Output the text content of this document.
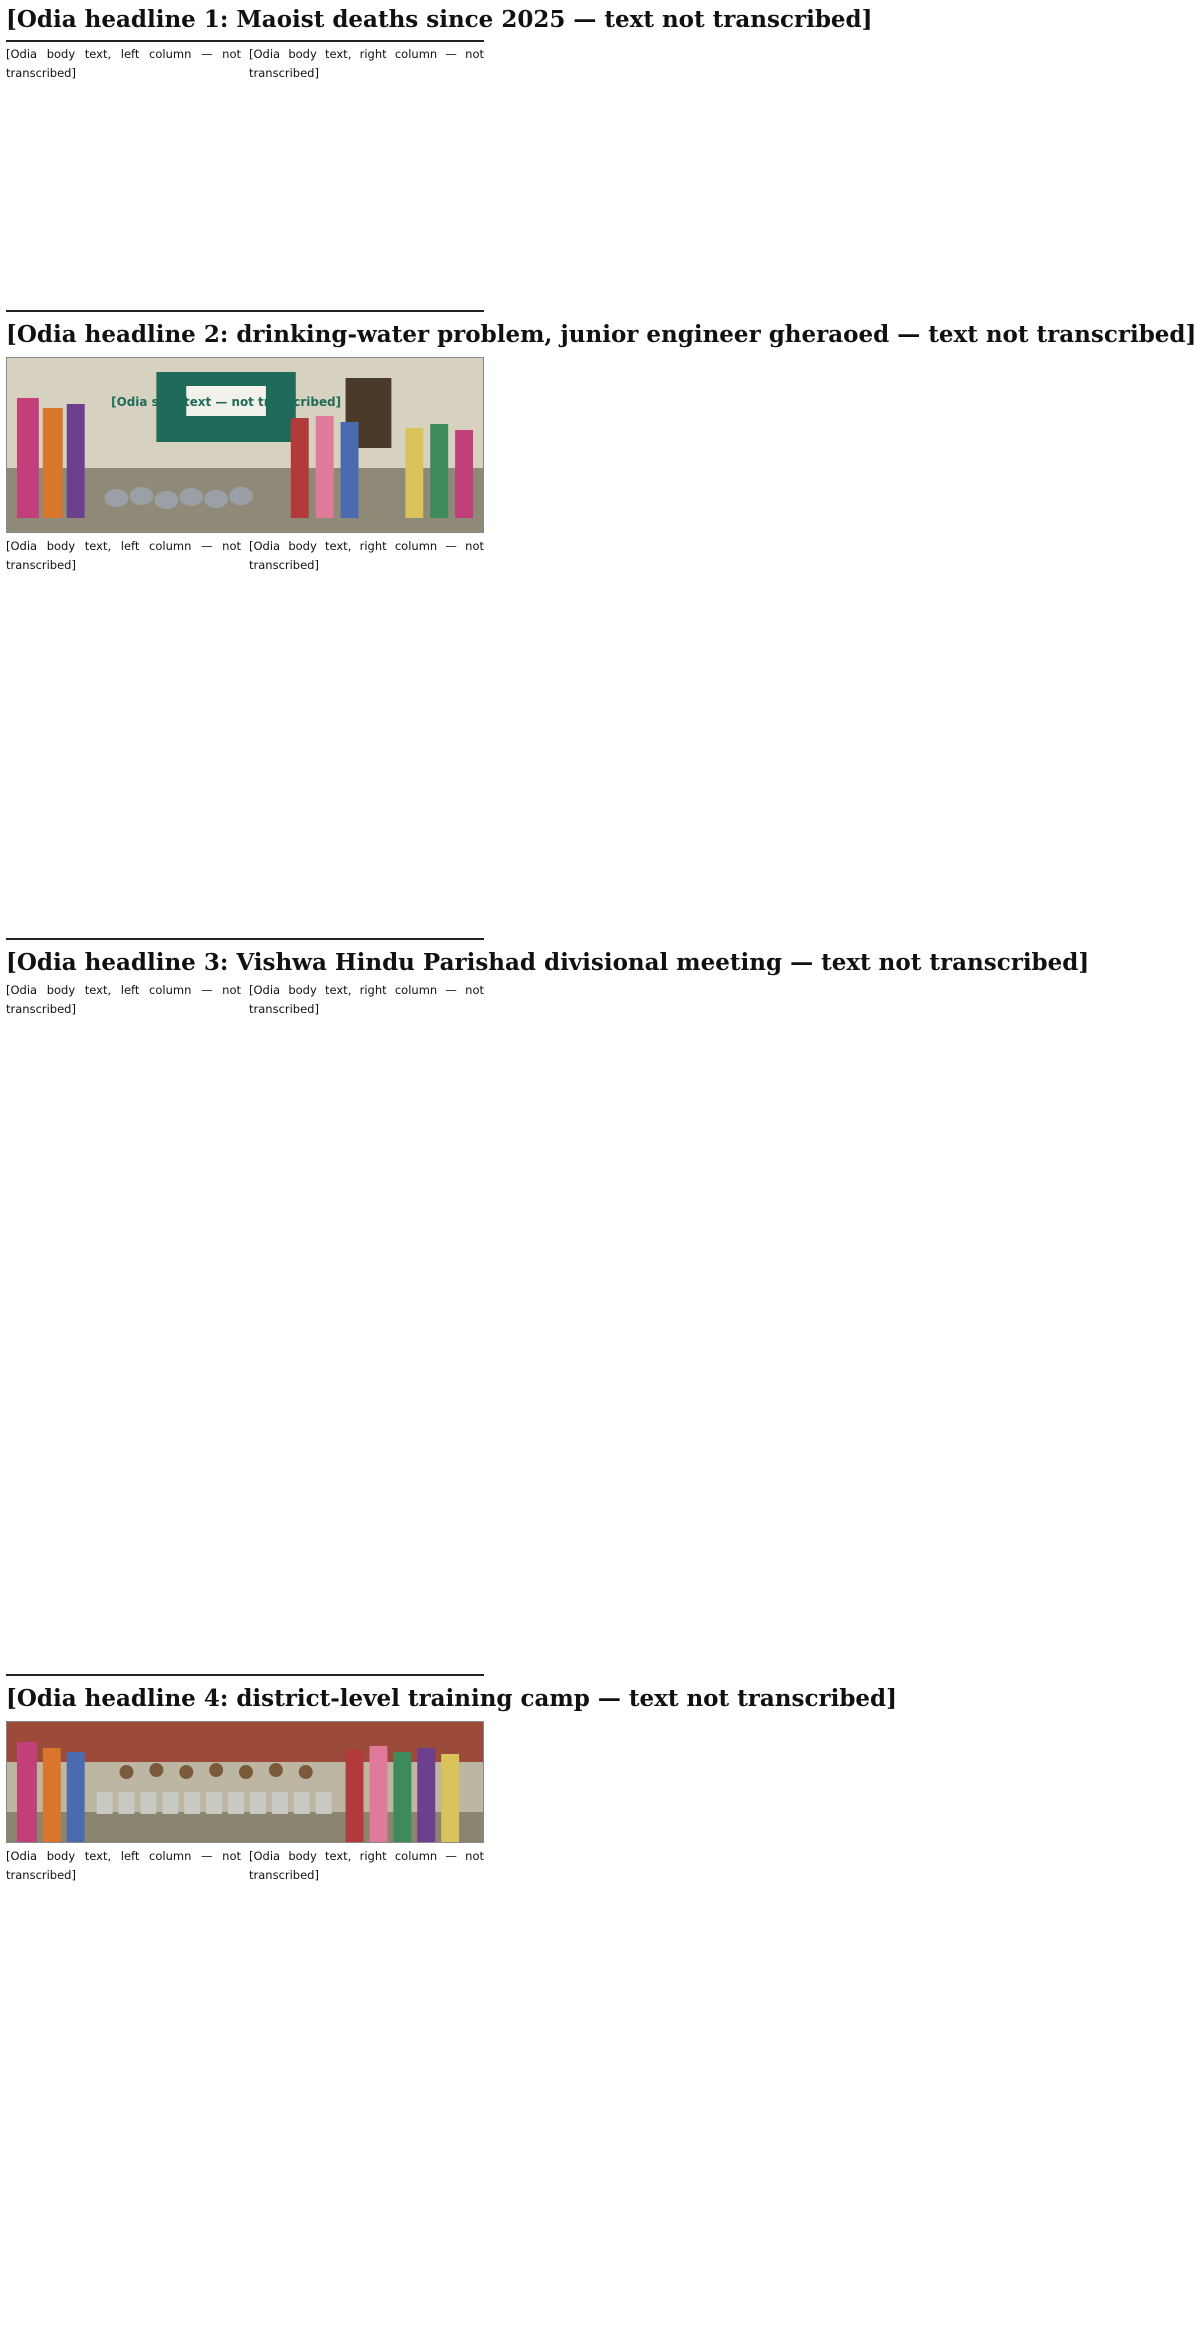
[Odia headline 1: Maoist deaths since 2025 — text not transcribed]
[Odia body text, left column — not transcribed]
[Odia body text, right column — not transcribed]
[Odia headline 2: drinking-water problem, junior engineer gheraoed — text not transcribed]
[Odia sign text — not transcribed]
[Odia body text, left column — not transcribed]
[Odia body text, right column — not transcribed]
[Odia headline 3: Vishwa Hindu Parishad divisional meeting — text not transcribed]
[Odia body text, left column — not transcribed]
[Odia body text, right column — not transcribed]
[Odia headline 4: district-level training camp — text not transcribed]
[Odia body text, left column — not transcribed]
[Odia body text, right column — not transcribed]
